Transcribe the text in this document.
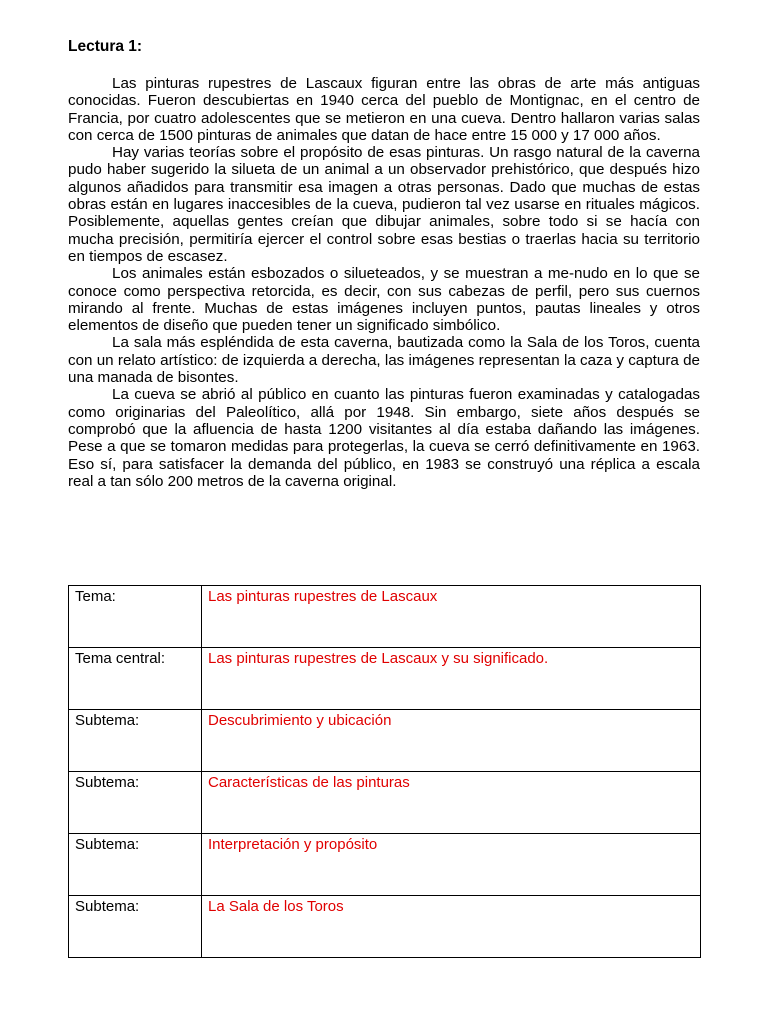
Lectura 1:

Las pinturas rupestres de Lascaux figuran entre las obras de arte más antiguas conocidas. Fueron descubiertas en 1940 cerca del pueblo de Montignac, en el centro de Francia, por cuatro adolescentes que se metieron en una cueva. Dentro hallaron varias salas con cerca de 1500 pinturas de animales que datan de hace entre 15 000 y 17 000 años.

Hay varias teorías sobre el propósito de esas pinturas. Un rasgo natural de la caverna pudo haber sugerido la silueta de un animal a un observador prehistórico, que después hizo algunos añadidos para transmitir esa imagen a otras personas. Dado que muchas de estas obras están en lugares inaccesibles de la cueva, pudieron tal vez usarse en rituales mágicos. Posiblemente, aquellas gentes creían que dibujar animales, sobre todo si se hacía con mucha precisión, permitiría ejercer el control sobre esas bestias o traerlas hacia su territorio en tiempos de escasez.

Los animales están esbozados o silueteados, y se muestran a me-nudo en lo que se conoce como perspectiva retorcida, es decir, con sus cabezas de perfil, pero sus cuernos mirando al frente. Muchas de estas imágenes incluyen puntos, pautas lineales y otros elementos de diseño que pueden tener un significado simbólico.

La sala más espléndida de esta caverna, bautizada como la Sala de los Toros, cuenta con un relato artístico: de izquierda a derecha, las imágenes representan la caza y captura de una manada de bisontes.

La cueva se abrió al público en cuanto las pinturas fueron examinadas y catalogadas como originarias del Paleolítico, allá por 1948. Sin embargo, siete años después se comprobó que la afluencia de hasta 1200 visitantes al día estaba dañando las imágenes. Pese a que se tomaron medidas para protegerlas, la cueva se cerró definitivamente en 1963. Eso sí, para satisfacer la demanda del público, en 1983 se construyó una réplica a escala real a tan sólo 200 metros de la caverna original.

Tema:	Las pinturas rupestres de Lascaux

Tema central:	Las pinturas rupestres de Lascaux y su significado.

Subtema:	Descubrimiento y ubicación

Subtema:	Características de las pinturas

Subtema:	Interpretación y propósito

Subtema:	La Sala de los Toros
